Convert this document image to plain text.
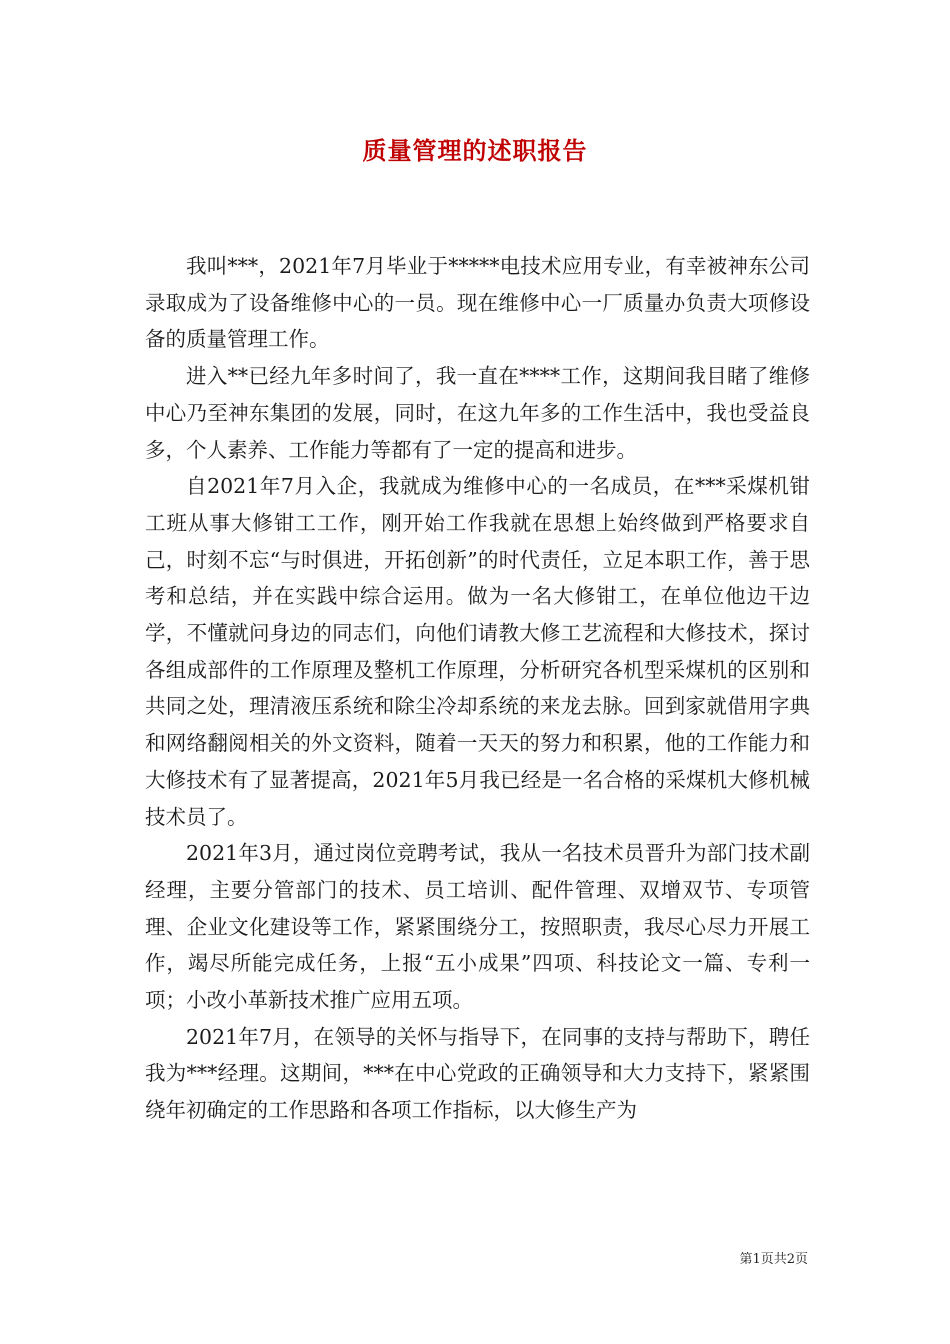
质量管理的述职报告

我叫***，2021年7月毕业于*****电技术应用专业，有幸被神东公司录取成为了设备维修中心的一员。现在维修中心一厂质量办负责大项修设备的质量管理工作。

进入**已经九年多时间了，我一直在****工作，这期间我目睹了维修中心乃至神东集团的发展，同时，在这九年多的工作生活中，我也受益良多，个人素养、工作能力等都有了一定的提高和进步。

自2021年7月入企，我就成为维修中心的一名成员，在***采煤机钳工班从事大修钳工工作，刚开始工作我就在思想上始终做到严格要求自己，时刻不忘“与时俱进，开拓创新”的时代责任，立足本职工作，善于思考和总结，并在实践中综合运用。做为一名大修钳工，在单位他边干边学，不懂就问身边的同志们，向他们请教大修工艺流程和大修技术，探讨各组成部件的工作原理及整机工作原理，分析研究各机型采煤机的区别和共同之处，理清液压系统和除尘冷却系统的来龙去脉。回到家就借用字典和网络翻阅相关的外文资料，随着一天天的努力和积累，他的工作能力和大修技术有了显著提高，2021年5月我已经是一名合格的采煤机大修机械技术员了。

2021年3月，通过岗位竞聘考试，我从一名技术员晋升为部门技术副经理，主要分管部门的技术、员工培训、配件管理、双增双节、专项管理、企业文化建设等工作，紧紧围绕分工，按照职责，我尽心尽力开展工作，竭尽所能完成任务，上报“五小成果”四项、科技论文一篇、专利一项；小改小革新技术推广应用五项。

2021年7月，在领导的关怀与指导下，在同事的支持与帮助下，聘任我为***经理。这期间，***在中心党政的正确领导和大力支持下，紧紧围绕年初确定的工作思路和各项工作指标，以大修生产为

第1页共2页
